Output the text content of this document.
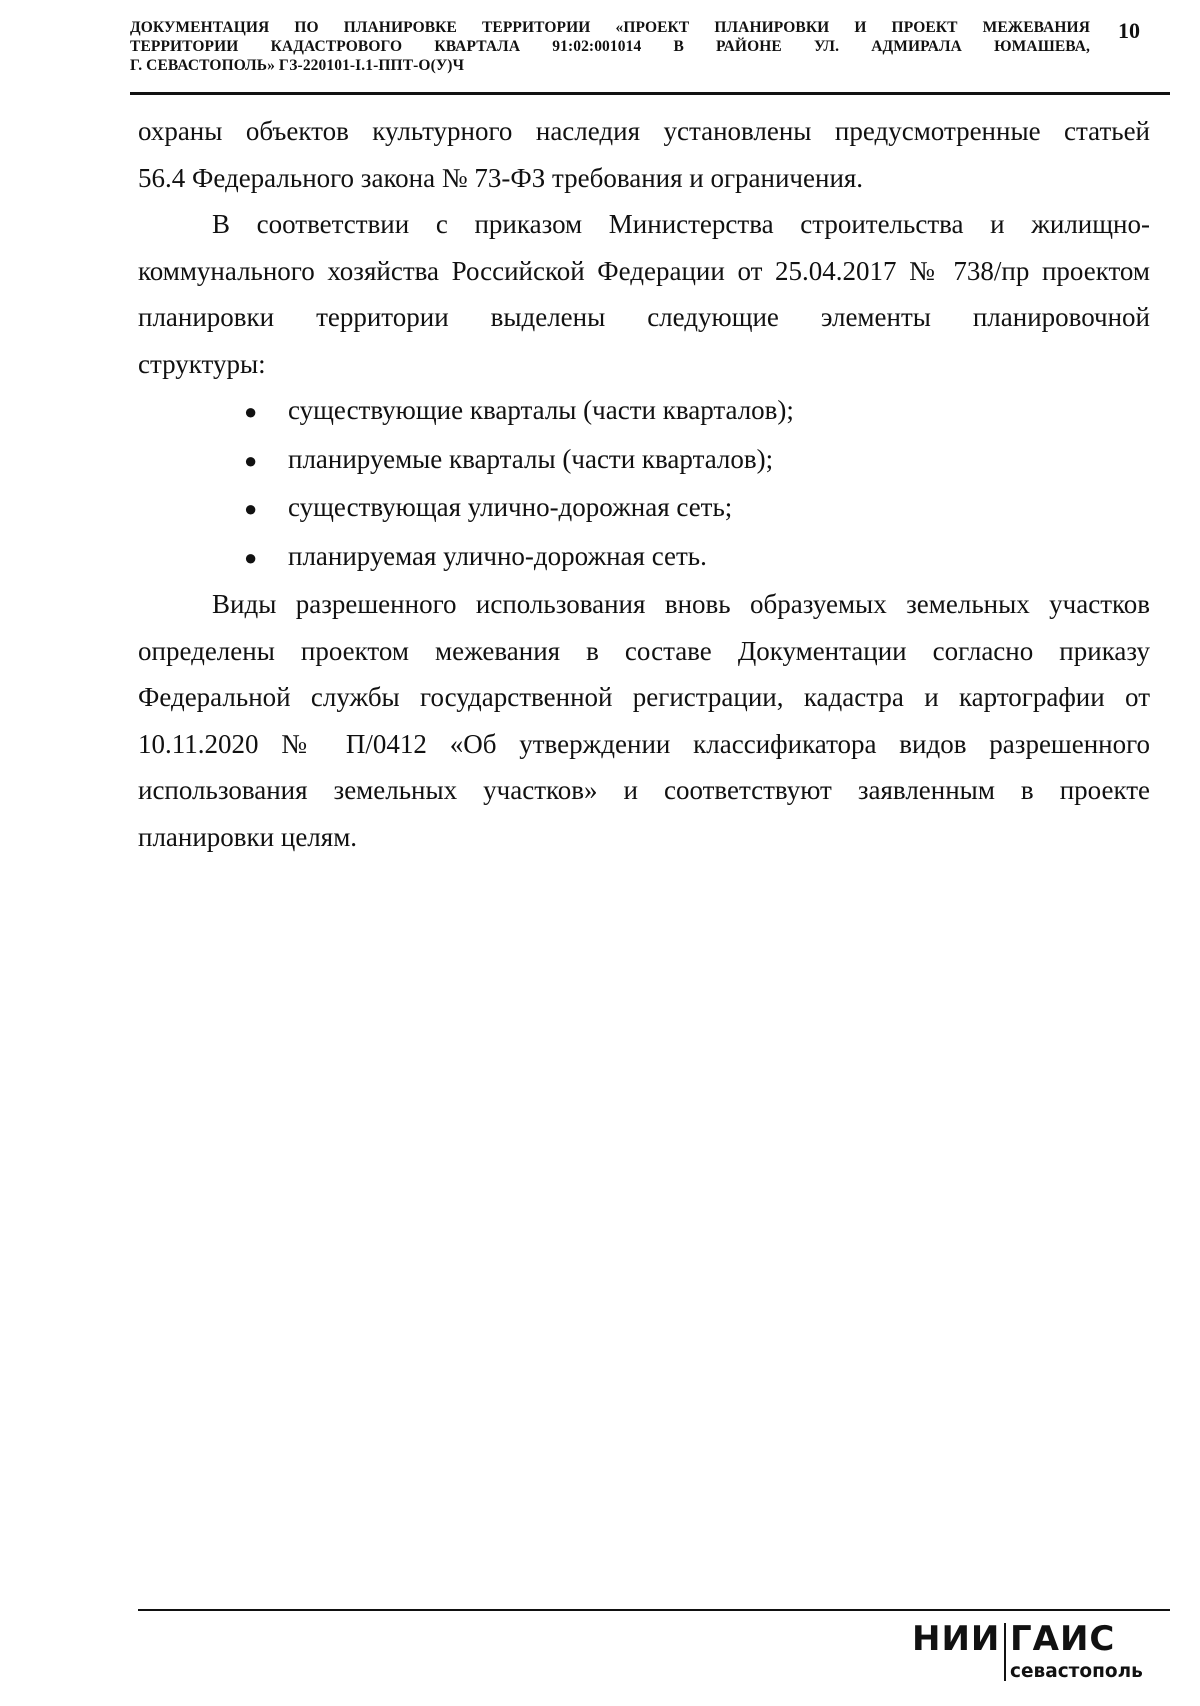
ДОКУМЕНТАЦИЯ ПО ПЛАНИРОВКЕ ТЕРРИТОРИИ «ПРОЕКТ ПЛАНИРОВКИ И ПРОЕКТ МЕЖЕВАНИЯ
ТЕРРИТОРИИ КАДАСТРОВОГО КВАРТАЛА 91:02:001014 В РАЙОНЕ УЛ. АДМИРАЛА ЮМАШЕВА,
Г. СЕВАСТОПОЛЬ» ГЗ-220101-I.1-ППТ-О(У)Ч
10
охраны объектов культурного наследия установлены предусмотренные статьей
56.4 Федерального закона № 73-ФЗ требования и ограничения.
В соответствии с приказом Министерства строительства и жилищно-
коммунального хозяйства Российской Федерации от 25.04.2017 № 738/пр проектом
планировки территории выделены следующие элементы планировочной
структуры:
●	существующие кварталы (части кварталов);
●	планируемые кварталы (части кварталов);
●	существующая улично-дорожная сеть;
●	планируемая улично-дорожная сеть.
Виды разрешенного использования вновь образуемых земельных участков
определены проектом межевания в составе Документации согласно приказу
Федеральной службы государственной регистрации, кадастра и картографии от
10.11.2020 № П/0412 «Об утверждении классификатора видов разрешенного
использования земельных участков» и соответствуют заявленным в проекте
планировки целям.
НИИ ГАИС
севастополь
